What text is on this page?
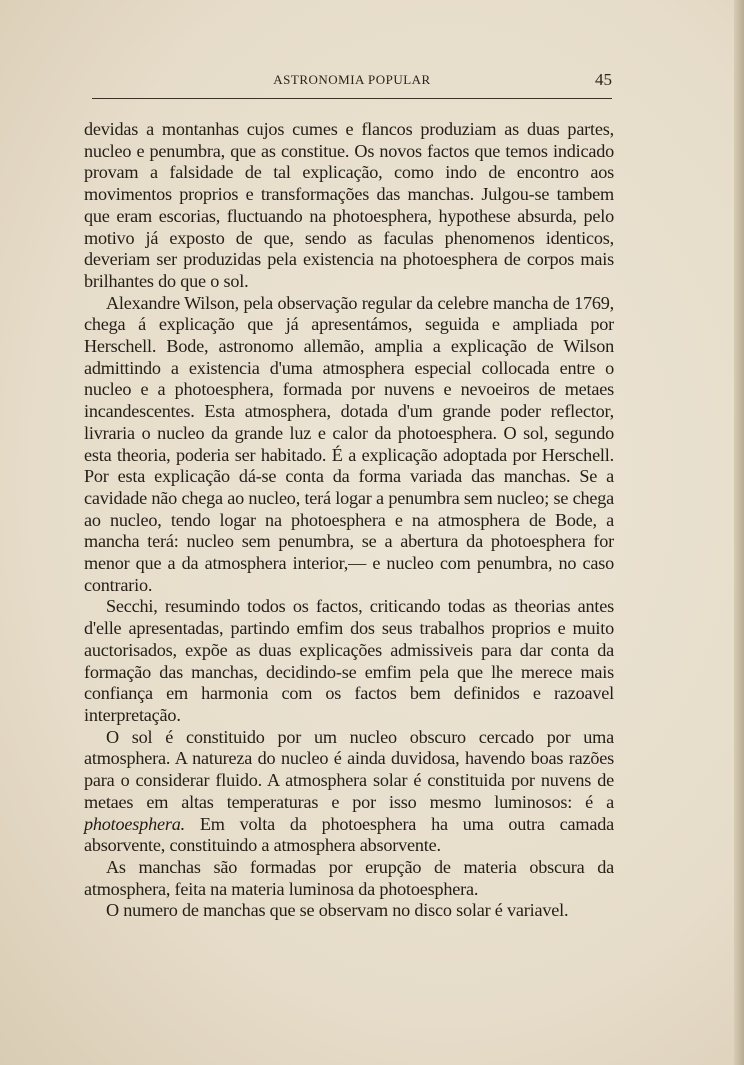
ASTRONOMIA POPULAR	45

devidas a montanhas cujos cumes e flancos produziam as duas partes, nucleo e penumbra, que as constitue. Os novos factos que temos indicado provam a falsidade de tal explicação, como indo de encontro aos movimentos proprios e transformações das manchas. Julgou-se tambem que eram escorias, fluctuando na photoesphera, hypothese absurda, pelo motivo já exposto de que, sendo as faculas phenomenos identicos, deveriam ser produzidas pela existencia na photoesphera de corpos mais brilhantes do que o sol.

Alexandre Wilson, pela observação regular da celebre mancha de 1769, chega á explicação que já apresentámos, seguida e ampliada por Herschell. Bode, astronomo allemão, amplia a explicação de Wilson admittindo a existencia d'uma atmosphera especial collocada entre o nucleo e a photoesphera, formada por nuvens e nevoeiros de metaes incandescentes. Esta atmosphera, dotada d'um grande poder reflector, livraria o nucleo da grande luz e calor da photoesphera. O sol, segundo esta theoria, poderia ser habitado. É a explicação adoptada por Herschell. Por esta explicação dá-se conta da forma variada das manchas. Se a cavidade não chega ao nucleo, terá logar a penumbra sem nucleo; se chega ao nucleo, tendo logar na photoesphera e na atmosphera de Bode, a mancha terá: nucleo sem penumbra, se a abertura da photoesphera for menor que a da atmosphera interior,— e nucleo com penumbra, no caso contrario.

Secchi, resumindo todos os factos, criticando todas as theorias antes d'elle apresentadas, partindo emfim dos seus trabalhos proprios e muito auctorisados, expõe as duas explicações admissiveis para dar conta da formação das manchas, decidindo-se emfim pela que lhe merece mais confiança em harmonia com os factos bem definidos e razoavel interpretação.

O sol é constituido por um nucleo obscuro cercado por uma atmosphera. A natureza do nucleo é ainda duvidosa, havendo boas razões para o considerar fluido. A atmosphera solar é constituida por nuvens de metaes em altas temperaturas e por isso mesmo luminosos: é a photoesphera. Em volta da photoesphera ha uma outra camada absorvente, constituindo a atmosphera absorvente.

As manchas são formadas por erupção de materia obscura da atmosphera, feita na materia luminosa da photoesphera.

O numero de manchas que se observam no disco solar é variavel.
